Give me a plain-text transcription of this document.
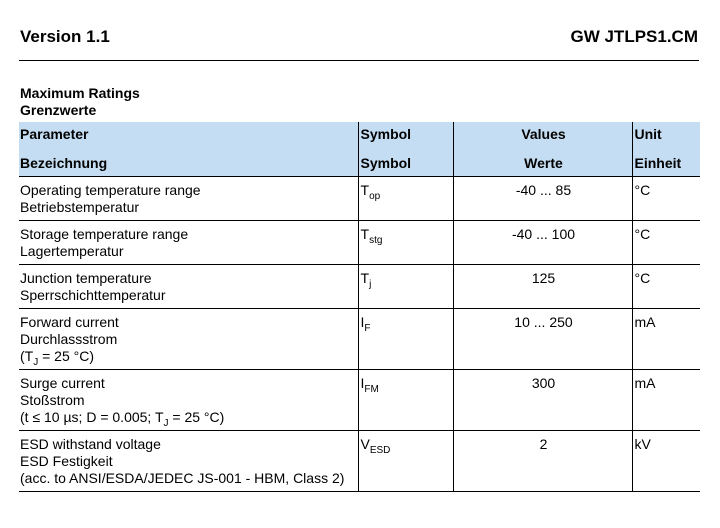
Version 1.1	GW JTLPS1.CM
Maximum Ratings
Grenzwerte
Parameter	Symbol	Values	Unit
Bezeichnung	Symbol	Werte	Einheit

Operating temperature range
Betriebstemperatur	$T_{op}$	-40 ... 85	°C

Storage temperature range
Lagertemperatur	$T_{stg}$	-40 ... 100	°C

Junction temperature
Sperrschichttemperatur	$T_j$	125	°C

Forward current
Durchlassstrom
($T_J = 25$ °C)	$I_F$	10 ... 250	mA

Surge current
Stoßstrom
(t ≤ 10 µs; D = 0.005; $T_J = 25$ °C)	$I_{FM}$	300	mA

ESD withstand voltage
ESD Festigkeit
(acc. to ANSI/ESDA/JEDEC JS-001 - HBM, Class 2)	$V_{ESD}$	2	kV
